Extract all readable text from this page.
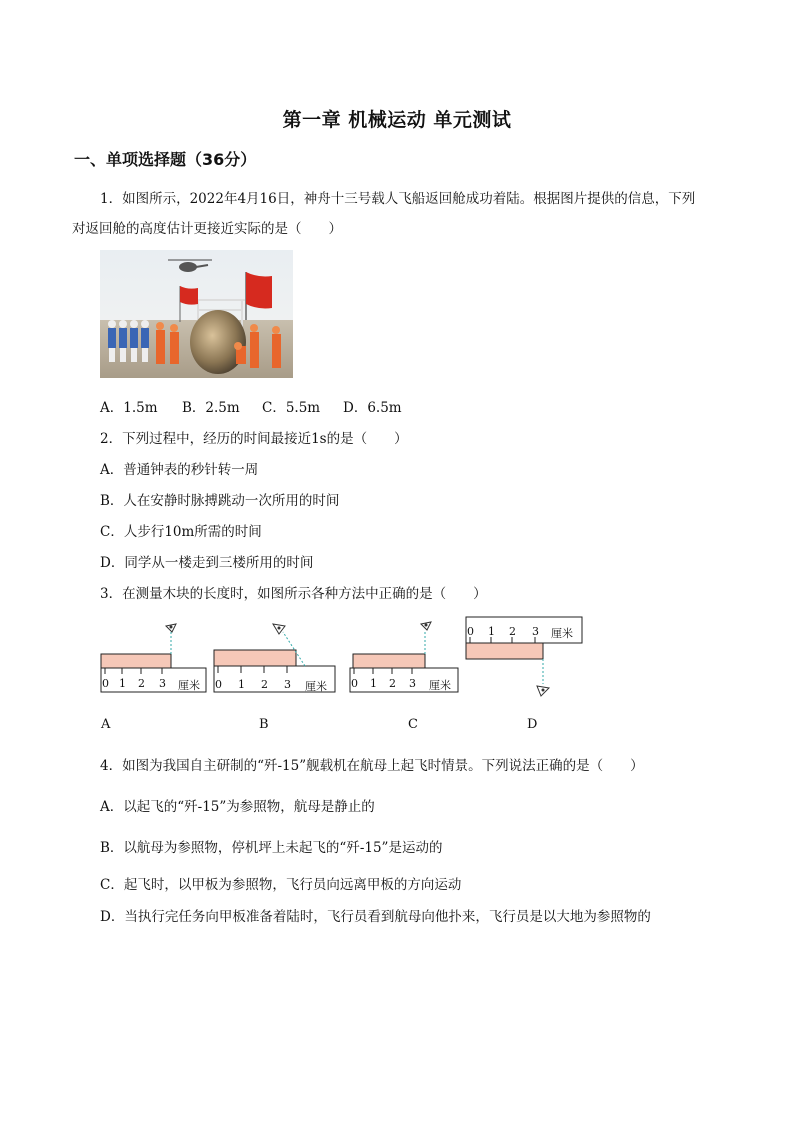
第一章 机械运动 单元测试
一、单项选择题（36分）
1．如图所示，2022年4月16日，神舟十三号载人飞船返回舱成功着陆。根据图片提供的信息，下列
对返回舱的高度估计更接近实际的是（　　）
A．1.5m B．2.5m C．5.5m D．6.5m
2．下列过程中，经历的时间最接近1s的是（　　）
A．普通钟表的秒针转一周
B．人在安静时脉搏跳动一次所用的时间
C．人步行10m所需的时间
D．同学从一楼走到三楼所用的时间
3．在测量木块的长度时，如图所示各种方法中正确的是（　　）
0 1 2 3 厘米 0 1 2 3 厘米 0 1 2 3 厘米
0 1 2 3 厘米
A	B	C	D
4．如图为我国自主研制的“歼-15”舰载机在航母上起飞时情景。下列说法正确的是（　　）
A．以起飞的“歼-15”为参照物，航母是静止的
B．以航母为参照物，停机坪上未起飞的“歼-15”是运动的
C．起飞时，以甲板为参照物，飞行员向远离甲板的方向运动
D．当执行完任务向甲板准备着陆时，飞行员看到航母向他扑来，飞行员是以大地为参照物的
